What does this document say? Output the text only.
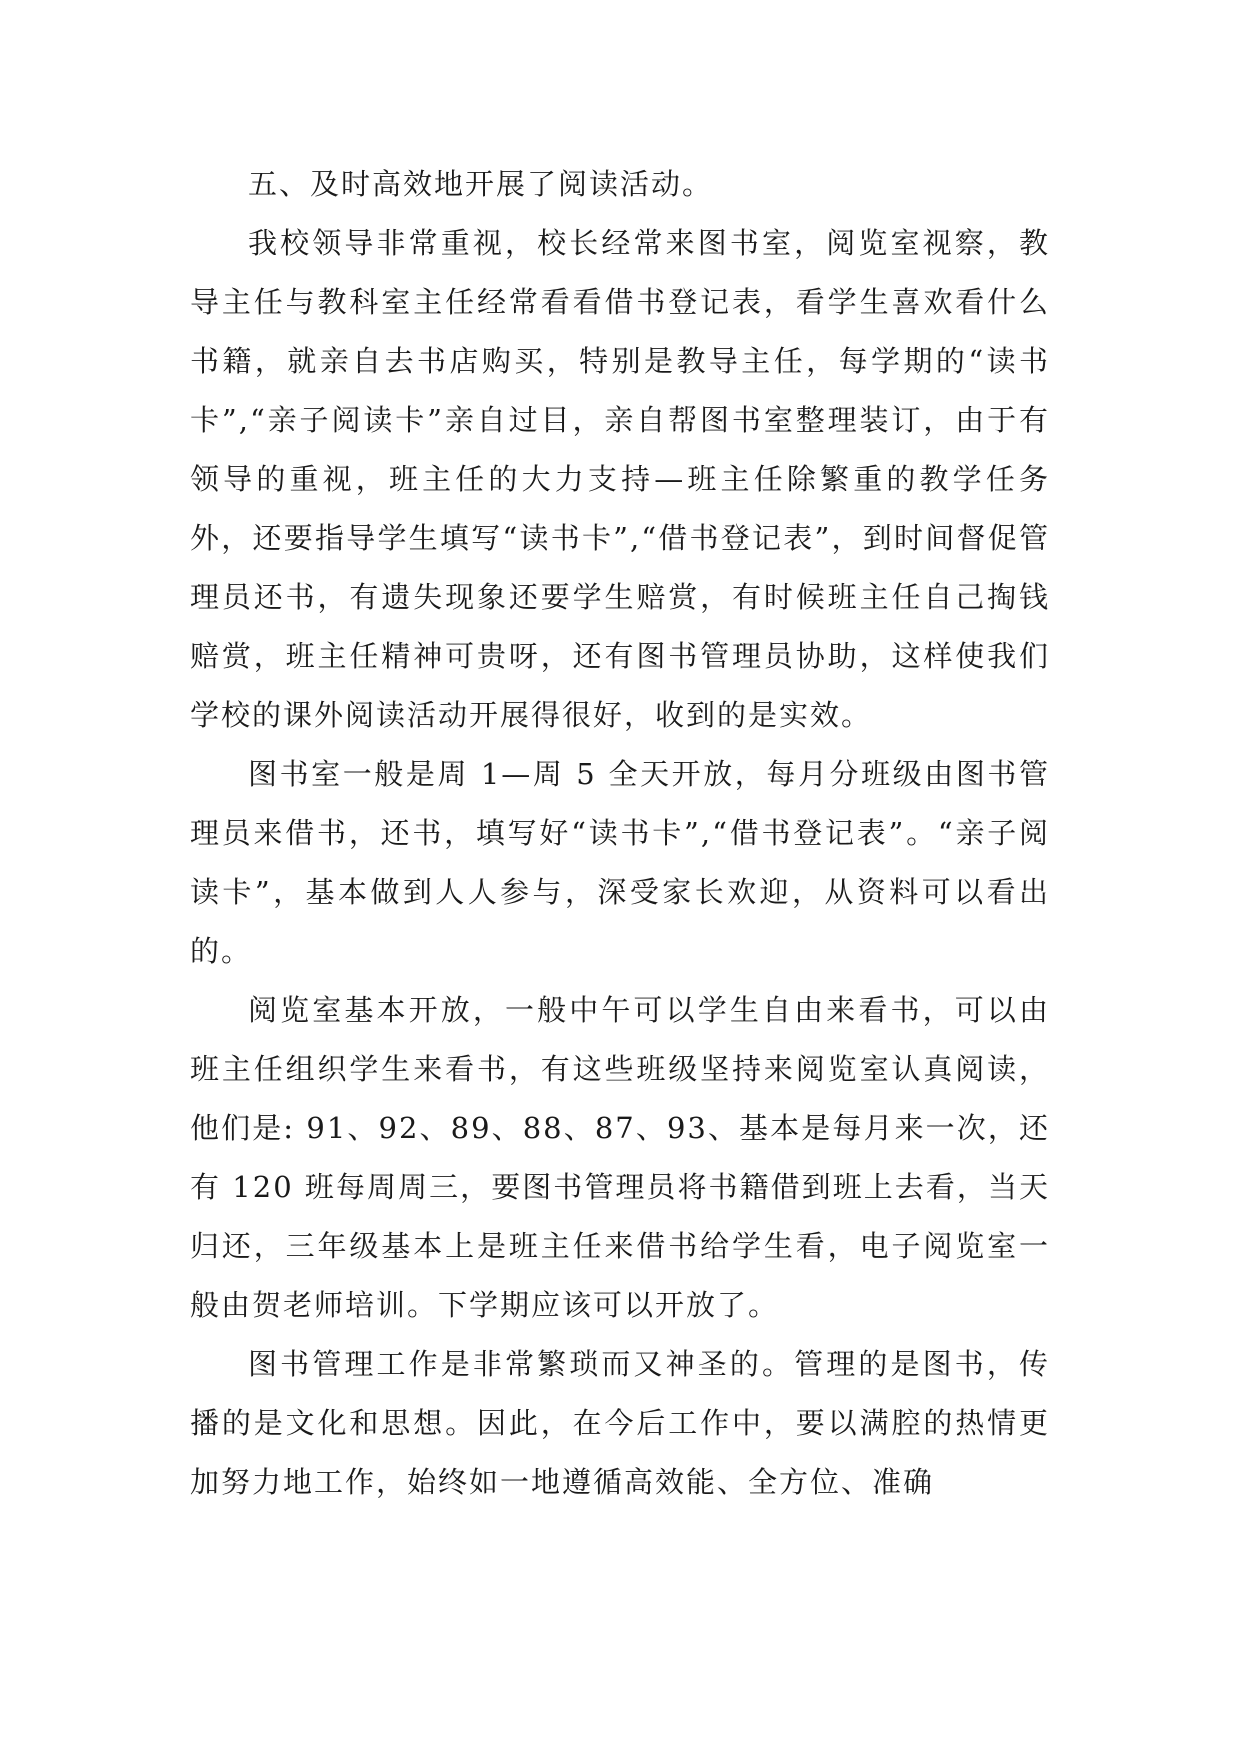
五、及时高效地开展了阅读活动。

我校领导非常重视，校长经常来图书室，阅览室视察，教导主任与教科室主任经常看看借书登记表，看学生喜欢看什么书籍，就亲自去书店购买，特别是教导主任，每学期的“读书卡”,“亲子阅读卡”亲自过目，亲自帮图书室整理装订，由于有领导的重视，班主任的大力支持—班主任除繁重的教学任务外，还要指导学生填写“读书卡”,“借书登记表”，到时间督促管理员还书，有遗失现象还要学生赔赏，有时候班主任自己掏钱赔赏，班主任精神可贵呀，还有图书管理员协助，这样使我们学校的课外阅读活动开展得很好，收到的是实效。

图书室一般是周 1—周 5 全天开放，每月分班级由图书管理员来借书，还书，填写好“读书卡”,“借书登记表”。“亲子阅读卡”，基本做到人人参与，深受家长欢迎，从资料可以看出的。

阅览室基本开放，一般中午可以学生自由来看书，可以由班主任组织学生来看书，有这些班级坚持来阅览室认真阅读，他们是: 91、92、89、88、87、93、基本是每月来一次，还有 120 班每周周三，要图书管理员将书籍借到班上去看，当天归还，三年级基本上是班主任来借书给学生看，电子阅览室一般由贺老师培训。下学期应该可以开放了。

图书管理工作是非常繁琐而又神圣的。管理的是图书，传播的是文化和思想。因此，在今后工作中，要以满腔的热情更加努力地工作，始终如一地遵循高效能、全方位、准确
